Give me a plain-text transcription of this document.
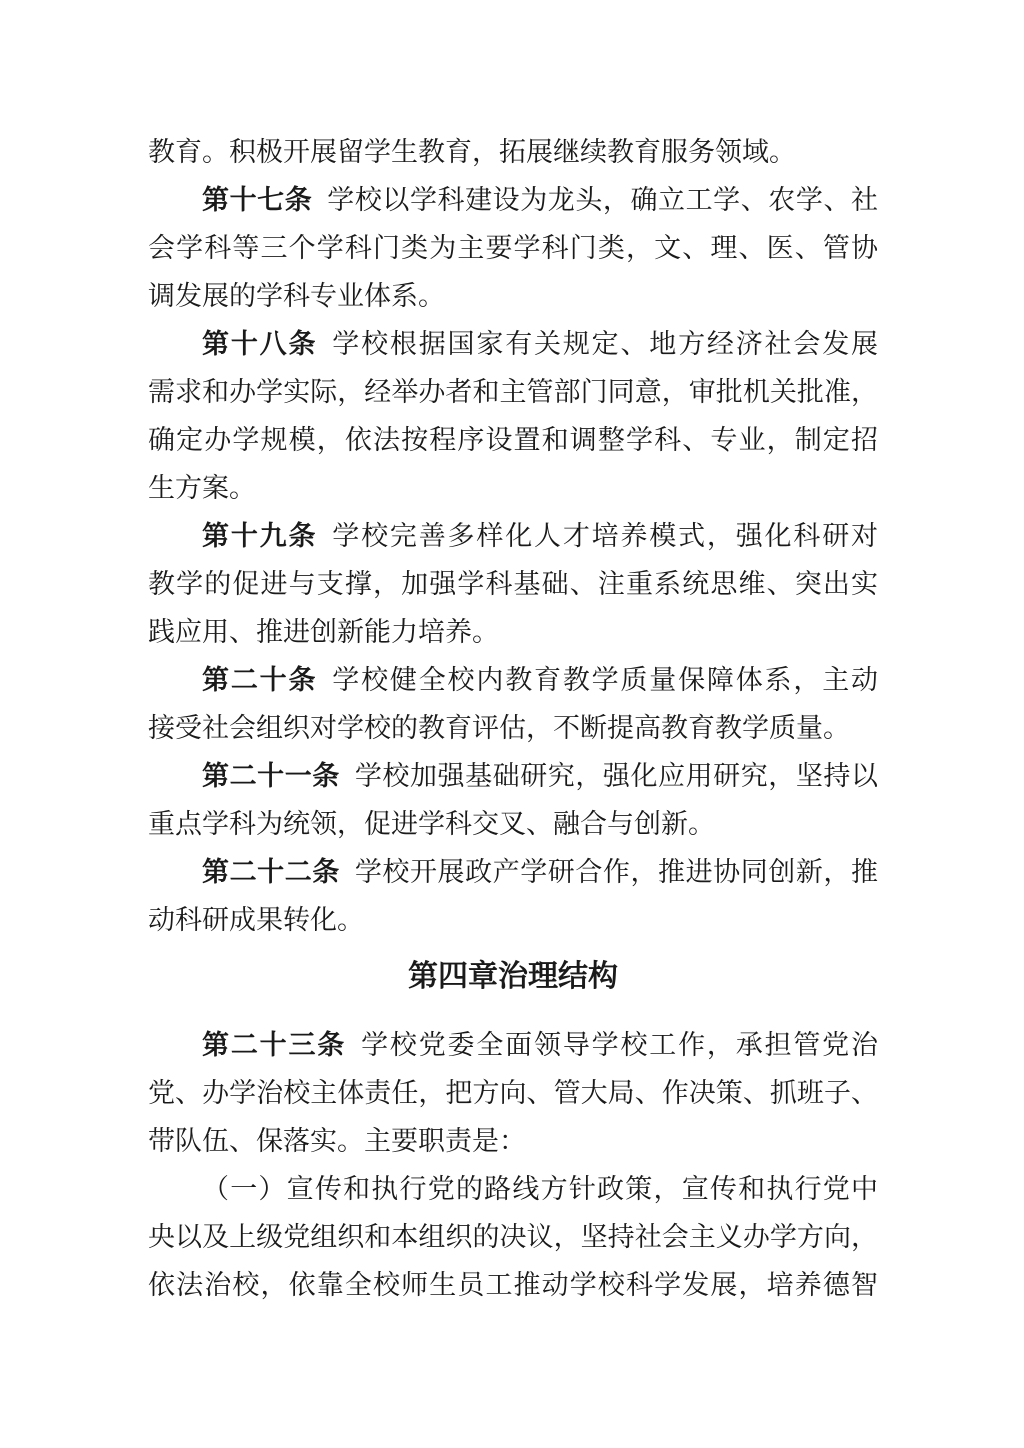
教育。积极开展留学生教育，拓展继续教育服务领域。
第十七条 学校以学科建设为龙头，确立工学、农学、社
会学科等三个学科门类为主要学科门类，文、理、医、管协
调发展的学科专业体系。
第十八条 学校根据国家有关规定、地方经济社会发展
需求和办学实际，经举办者和主管部门同意，审批机关批准，
确定办学规模，依法按程序设置和调整学科、专业，制定招
生方案。
第十九条 学校完善多样化人才培养模式，强化科研对
教学的促进与支撑，加强学科基础、注重系统思维、突出实
践应用、推进创新能力培养。
第二十条 学校健全校内教育教学质量保障体系，主动
接受社会组织对学校的教育评估，不断提高教育教学质量。
第二十一条 学校加强基础研究，强化应用研究，坚持以
重点学科为统领，促进学科交叉、融合与创新。
第二十二条 学校开展政产学研合作，推进协同创新，推
动科研成果转化。
第四章治理结构
第二十三条 学校党委全面领导学校工作，承担管党治
党、办学治校主体责任，把方向、管大局、作决策、抓班子、
带队伍、保落实。主要职责是：
（一）宣传和执行党的路线方针政策，宣传和执行党中
央以及上级党组织和本组织的决议，坚持社会主义办学方向，
依法治校，依靠全校师生员工推动学校科学发展，培养德智
